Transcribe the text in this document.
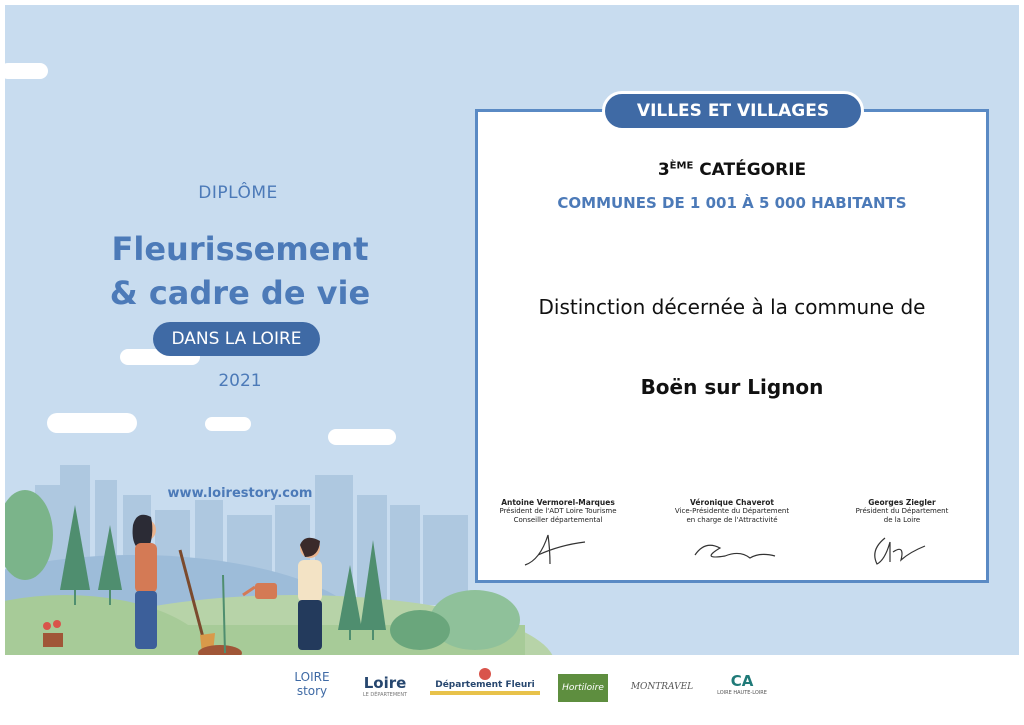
DIPLÔME
Fleurissement
& cadre de vie
DANS LA LOIRE
2021
www.loirestory.com
VILLES ET VILLAGES
3ÈME CATÉGORIE
COMMUNES DE 1 001 À 5 000 HABITANTS
Distinction décernée à la commune de
Boën sur Lignon
Antoine Vermorel-Marques
Président de l'ADT Loire Tourisme
Conseiller départemental
Véronique Chaverot
Vice-Présidente du Département
en charge de l'Attractivité
Georges Ziegler
Président du Département
de la Loire
LOIRE
story	Loire
LE DÉPARTEMENT
Département Fleuri	Hortiloire	MONTRAVEL	CA
LOIRE HAUTE-LOIRE
